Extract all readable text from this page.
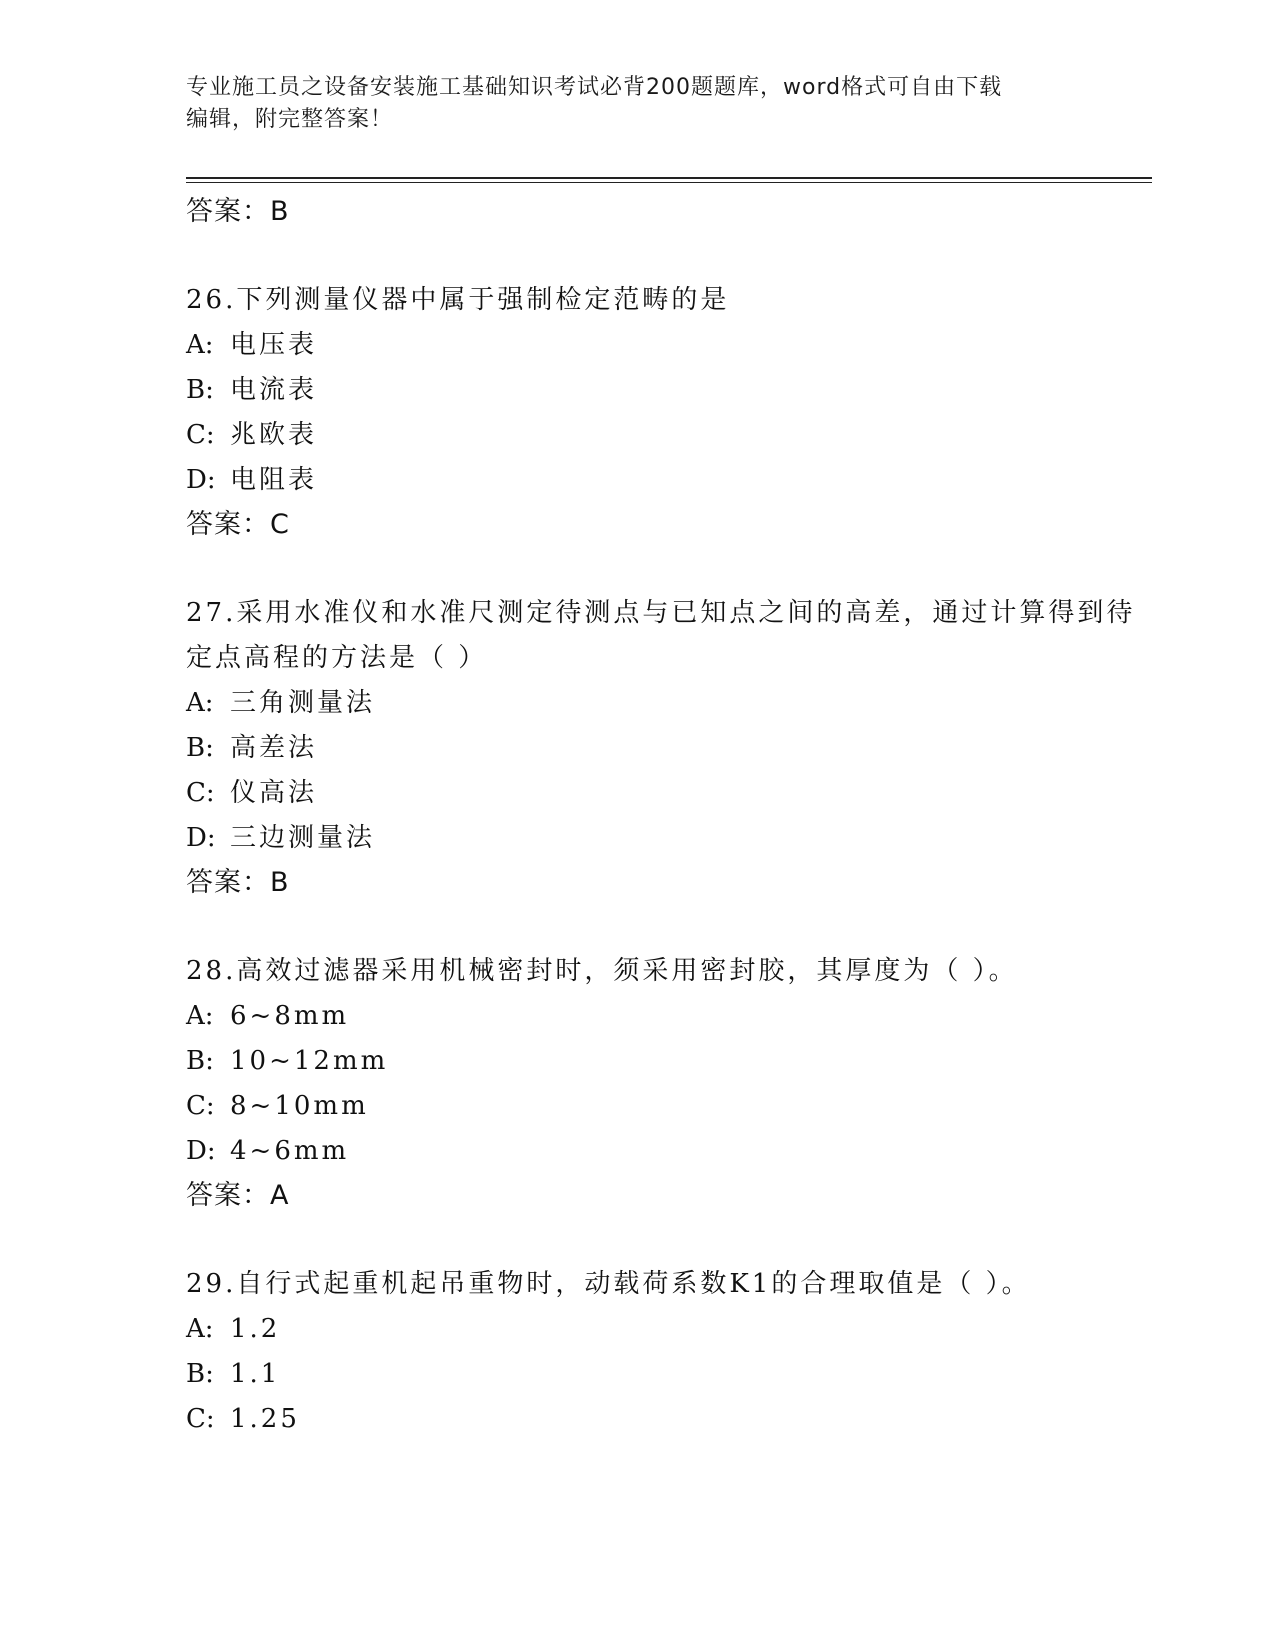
专业施工员之设备安装施工基础知识考试必背200题题库，word格式可自由下载
编辑，附完整答案！
答案：B
26.下列测量仪器中属于强制检定范畴的是
A: 电压表
B: 电流表
C: 兆欧表
D: 电阻表
答案：C
27.采用水准仪和水准尺测定待测点与已知点之间的高差，通过计算得到待定点高程的方法是（ ）
A: 三角测量法
B: 高差法
C: 仪高法
D: 三边测量法
答案：B
28.高效过滤器采用机械密封时，须采用密封胶，其厚度为（ ）。
A: 6~8mm
B: 10~12mm
C: 8~10mm
D: 4~6mm
答案：A
29.自行式起重机起吊重物时，动载荷系数K1的合理取值是（ ）。
A: 1.2
B: 1.1
C: 1.25
